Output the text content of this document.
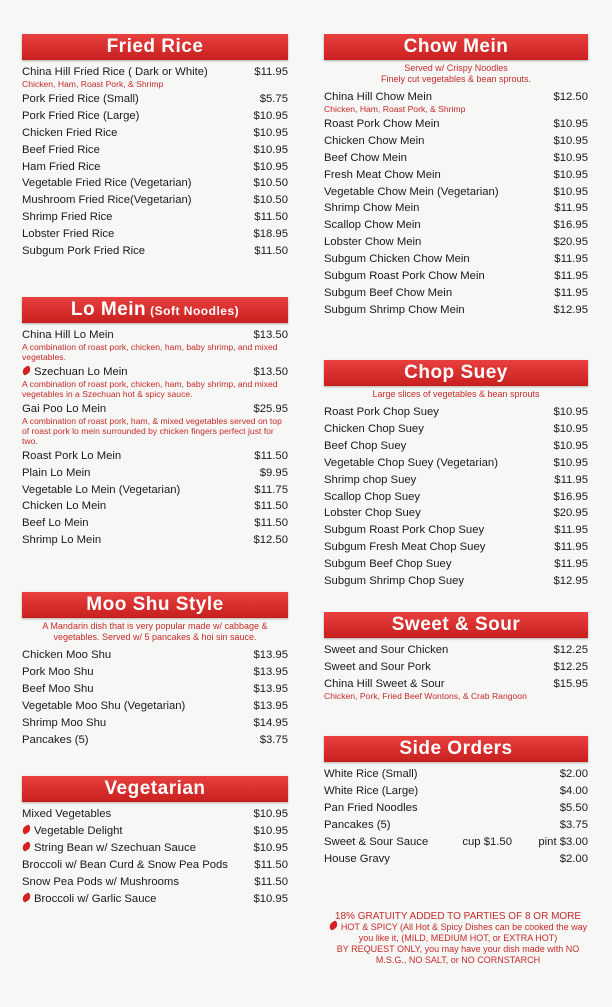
Fried Rice
China Hill Fried Rice ( Dark or White)	$11.95
Chicken, Ham, Roast Pork, & Shrimp
Pork Fried Rice (Small)	$5.75
Pork Fried Rice (Large)	$10.95
Chicken Fried Rice	$10.95
Beef Fried Rice	$10.95
Ham Fried Rice	$10.95
Vegetable Fried Rice (Vegetarian)	$10.50
Mushroom Fried Rice(Vegetarian)	$10.50
Shrimp Fried Rice	$11.50
Lobster Fried Rice	$18.95
Subgum Pork Fried Rice	$11.50
Lo Mein (Soft Noodles)
China Hill Lo Mein	$13.50
A combination of roast pork, chicken, ham, baby shrimp, and mixed vegetables.
Szechuan Lo Mein	$13.50
A combination of roast pork, chicken, ham, baby shrimp, and mixed vegetables in a Szechuan hot & spicy sauce.
Gai Poo Lo Mein	$25.95
A combination of roast pork, ham, & mixed vegetables served on top of roast pork lo mein surrounded by chicken fingers perfect just for two.
Roast Pork Lo Mein	$11.50
Plain Lo Mein	$9.95
Vegetable Lo Mein (Vegetarian)	$11.75
Chicken Lo Mein	$11.50
Beef Lo Mein	$11.50
Shrimp Lo Mein	$12.50
Moo Shu Style
A Mandarin dish that is very popular made w/ cabbage & vegetables. Served w/ 5 pancakes & hoi sin sauce.
Chicken Moo Shu	$13.95
Pork Moo Shu	$13.95
Beef Moo Shu	$13.95
Vegetable Moo Shu (Vegetarian)	$13.95
Shrimp Moo Shu	$14.95
Pancakes (5)	$3.75
Vegetarian
Mixed Vegetables	$10.95
Vegetable Delight	$10.95
String Bean w/ Szechuan Sauce	$10.95
Broccoli w/ Bean Curd & Snow Pea Pods $11.50
Snow Pea Pods w/ Mushrooms	$11.50
Broccoli w/ Garlic Sauce	$10.95
Chow Mein
Served w/ Crispy Noodles
Finely cut vegetables & bean sprouts.
China Hill Chow Mein	$12.50
Chicken, Ham, Roast Pork, & Shrimp
Roast Pork Chow Mein	$10.95
Chicken Chow Mein	$10.95
Beef Chow Mein	$10.95
Fresh Meat Chow Mein	$10.95
Vegetable Chow Mein (Vegetarian)	$10.95
Shrimp Chow Mein	$11.95
Scallop Chow Mein	$16.95
Lobster Chow Mein	$20.95
Subgum Chicken Chow Mein	$11.95
Subgum Roast Pork Chow Mein	$11.95
Subgum Beef Chow Mein	$11.95
Subgum Shrimp Chow Mein	$12.95
Chop Suey
Large slices of vegetables & bean sprouts
Roast Pork Chop Suey	$10.95
Chicken Chop Suey	$10.95
Beef Chop Suey	$10.95
Vegetable Chop Suey (Vegetarian)	$10.95
Shrimp chop Suey	$11.95
Scallop Chop Suey	$16.95
Lobster Chop Suey	$20.95
Subgum Roast Pork Chop Suey	$11.95
Subgum Fresh Meat Chop Suey	$11.95
Subgum Beef Chop Suey	$11.95
Subgum Shrimp Chop Suey	$12.95
Sweet & Sour
Sweet and Sour Chicken	$12.25
Sweet and Sour Pork	$12.25
China Hill Sweet & Sour	$15.95
Chicken, Pork, Fried Beef Wontons, & Crab Rangoon
Side Orders
White Rice (Small)	$2.00
White Rice (Large)	$4.00
Pan Fried Noodles	$5.50
Pancakes (5)	$3.75
Sweet & Sour Sauce	cup $1.50 pint $3.00
House Gravy	$2.00
18% GRATUITY ADDED TO PARTIES OF 8 OR MORE
HOT & SPICY (All Hot & Spicy Dishes can be cooked the way you like it, (MILD, MEDIUM HOT, or EXTRA HOT)
BY REQUEST ONLY, you may have your dish made with NO M.S.G., NO SALT, or NO CORNSTARCH
